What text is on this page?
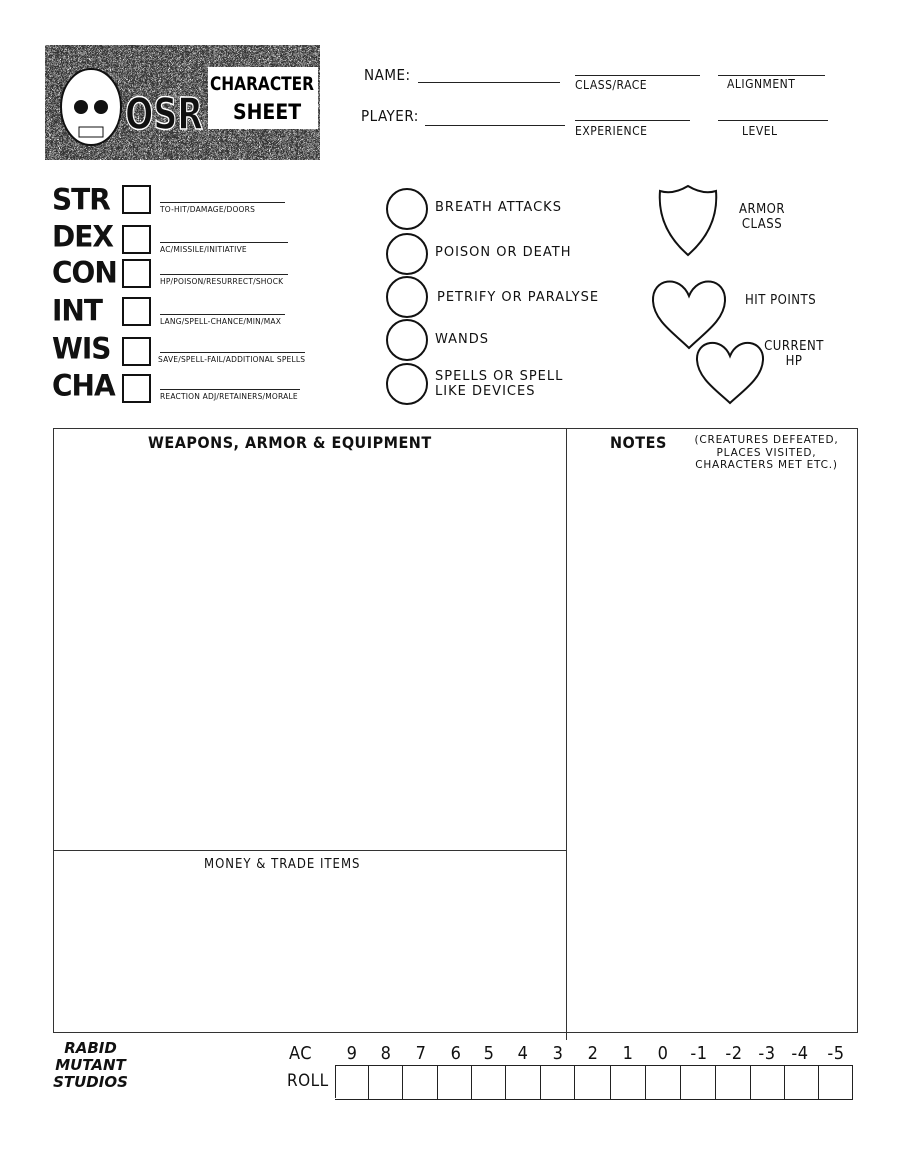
OSR
CHARACTER
SHEET
NAME:
PLAYER:
CLASS/RACE	ALIGNMENT
EXPERIENCE	LEVEL
STR	TO-HIT/DAMAGE/DOORS
DEX	AC/MISSILE/INITIATIVE
CON	HP/POISON/RESURRECT/SHOCK
INT	LANG/SPELL-CHANCE/MIN/MAX
WIS	SAVE/SPELL-FAIL/ADDITIONAL SPELLS
CHA	REACTION ADJ/RETAINERS/MORALE
BREATH ATTACKS
POISON OR DEATH
PETRIFY OR PARALYSE
WANDS
SPELLS OR SPELL LIKE DEVICES
ARMOR CLASS
HIT POINTS
CURRENT HP
WEAPONS, ARMOR & EQUIPMENT	NOTES	(CREATURES DEFEATED, PLACES VISITED, CHARACTERS MET ETC.)
MONEY & TRADE ITEMS
RABID MUTANT STUDIOS
AC
ROLL
9	8	7	6	5	4	3	2	1	0	-1 -2 -3 -4 -5
